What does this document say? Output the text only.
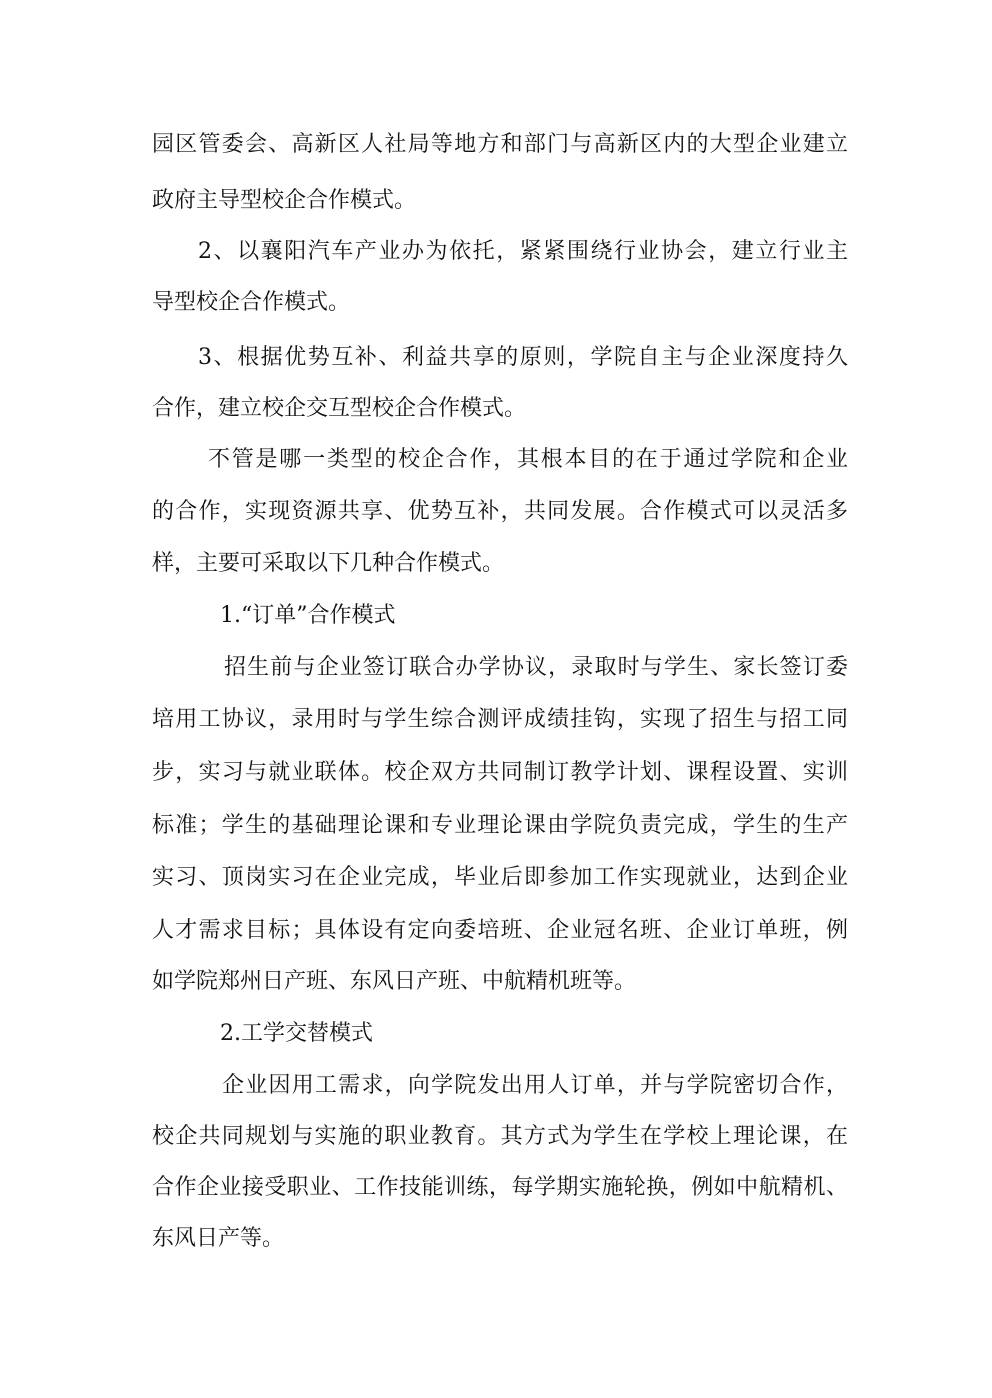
园区管委会、高新区人社局等地方和部门与高新区内的大型企业建立
政府主导型校企合作模式。
2、以襄阳汽车产业办为依托，紧紧围绕行业协会，建立行业主
导型校企合作模式。
3、根据优势互补、利益共享的原则，学院自主与企业深度持久
合作，建立校企交互型校企合作模式。
不管是哪一类型的校企合作，其根本目的在于通过学院和企业
的合作，实现资源共享、优势互补，共同发展。合作模式可以灵活多
样，主要可采取以下几种合作模式。
1.“订单”合作模式
招生前与企业签订联合办学协议，录取时与学生、家长签订委
培用工协议，录用时与学生综合测评成绩挂钩，实现了招生与招工同
步，实习与就业联体。校企双方共同制订教学计划、课程设置、实训
标准；学生的基础理论课和专业理论课由学院负责完成，学生的生产
实习、顶岗实习在企业完成，毕业后即参加工作实现就业，达到企业
人才需求目标；具体设有定向委培班、企业冠名班、企业订单班，例
如学院郑州日产班、东风日产班、中航精机班等。
2.工学交替模式
企业因用工需求，向学院发出用人订单，并与学院密切合作，
校企共同规划与实施的职业教育。其方式为学生在学校上理论课，在
合作企业接受职业、工作技能训练，每学期实施轮换，例如中航精机、
东风日产等。
